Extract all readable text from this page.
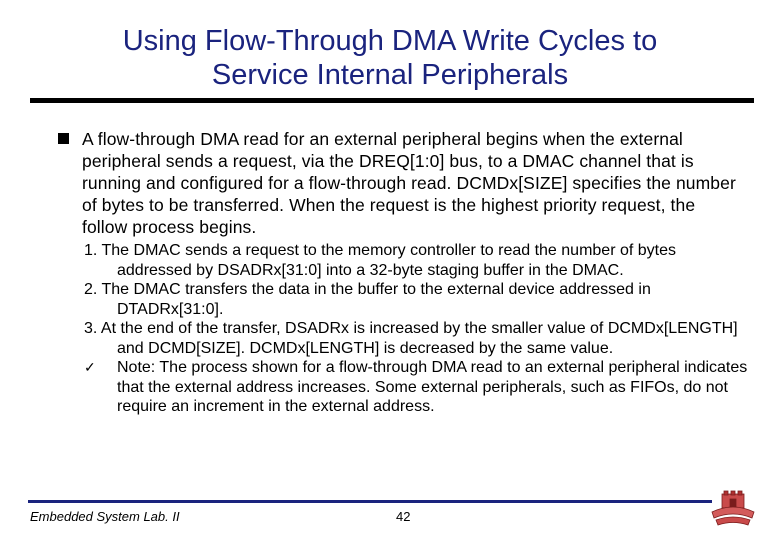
Using Flow-Through DMA Write Cycles to
Service Internal Peripherals
A flow-through DMA read for an external peripheral begins when the external peripheral sends a request, via the DREQ[1:0] bus, to a DMAC channel that is running and configured for a flow-through read. DCMDx[SIZE] specifies the number of bytes to be transferred. When the request is the highest priority request, the follow process begins.

1. The DMAC sends a request to the memory controller to read the number of bytes addressed by DSADRx[31:0] into a 32-byte staging buffer in the DMAC.

2. The DMAC transfers the data in the buffer to the external device addressed in DTADRx[31:0].

3. At the end of the transfer, DSADRx is increased by the smaller value of DCMDx[LENGTH] and DCMD[SIZE]. DCMDx[LENGTH] is decreased by the same value.

✓ Note: The process shown for a flow-through DMA read to an external peripheral indicates that the external address increases. Some external peripherals, such as FIFOs, do not require an increment in the external address.
Embedded System Lab. II	42
